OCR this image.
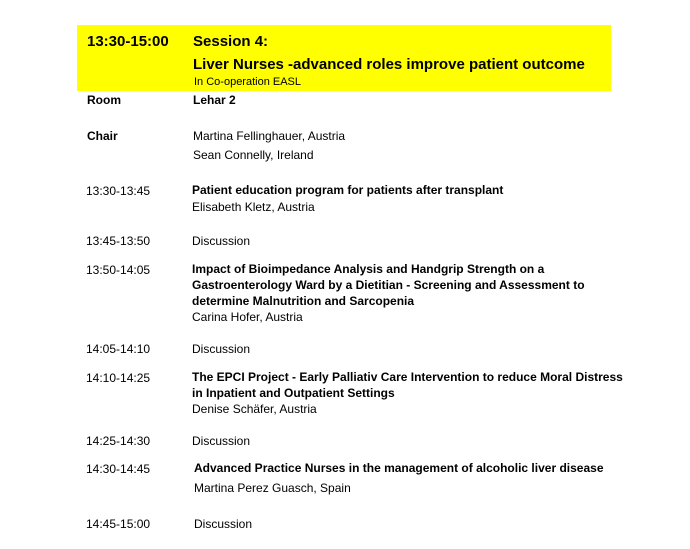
13:30-15:00 Session 4:
Liver Nurses -advanced roles improve patient outcome
In Co-operation EASL
Room	Lehar 2
Chair	Martina Fellinghauer, Austria
Sean Connelly, Ireland
13:30-13:45	Patient education program for patients after transplant
Elisabeth Kletz, Austria
13:45-13:50	Discussion
13:50-14:05	Impact of Bioimpedance Analysis and Handgrip Strength on a
Gastroenterology Ward by a Dietitian - Screening and Assessment to
determine Malnutrition and Sarcopenia
Carina Hofer, Austria
14:05-14:10	Discussion
14:10-14:25	The EPCI Project - Early Palliativ Care Intervention to reduce Moral Distress
in Inpatient and Outpatient Settings
Denise Schäfer, Austria
14:25-14:30	Discussion
14:30-14:45	Advanced Practice Nurses in the management of alcoholic liver disease
Martina Perez Guasch, Spain
14:45-15:00	Discussion
